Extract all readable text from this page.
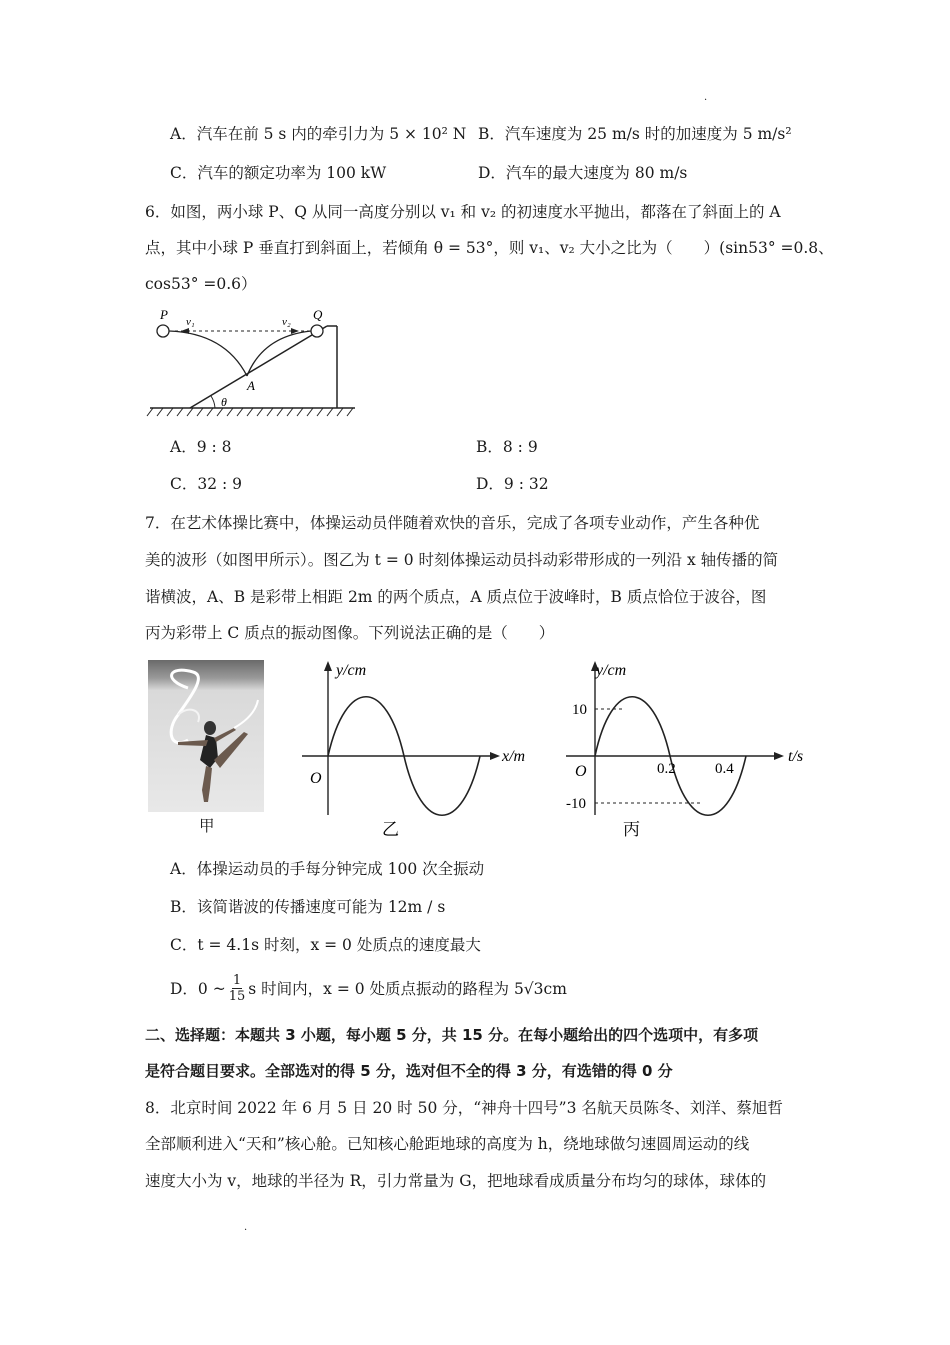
.
A．汽车在前 5 s 内的牵引力为 5 × 10² N B．汽车速度为 25 m/s 时的加速度为 5 m/s²
C．汽车的额定功率为 100 kW	D．汽车的最大速度为 80 m/s
6．如图，两小球 P、Q 从同一高度分别以 v₁ 和 v₂ 的初速度水平抛出，都落在了斜面上的 A
点，其中小球 P 垂直打到斜面上，若倾角 θ = 53°，则 v₁、v₂ 大小之比为（　　）(sin53° =0.8、
cos53° =0.6）
P	Q
v₁	v₂
A
θ
A．9 : 8	B．8 : 9
C．32 : 9	D．9 : 32
7．在艺术体操比赛中，体操运动员伴随着欢快的音乐，完成了各项专业动作，产生各种优
美的波形（如图甲所示）。图乙为 t = 0 时刻体操运动员抖动彩带形成的一列沿 x 轴传播的简
谐横波，A、B 是彩带上相距 2m 的两个质点，A 质点位于波峰时，B 质点恰位于波谷，图
丙为彩带上 C 质点的振动图像。下列说法正确的是（　　）
甲
y/cm
x/m
O
乙
y/cm
t/s
10
-10
O	0.2	0.4
丙
A．体操运动员的手每分钟完成 100 次全振动
B．该简谐波的传播速度可能为 12m / s
C．t = 4.1s 时刻，x = 0 处质点的速度最大
D．0 ~ $\frac{1}{15}$ s 时间内，x = 0 处质点振动的路程为 5√3cm
二、选择题：本题共 3 小题，每小题 5 分，共 15 分。在每小题给出的四个选项中，有多项
是符合题目要求。全部选对的得 5 分，选对但不全的得 3 分，有选错的得 0 分
8．北京时间 2022 年 6 月 5 日 20 时 50 分，“神舟十四号”3 名航天员陈冬、刘洋、蔡旭哲
全部顺利进入“天和”核心舱。已知核心舱距地球的高度为 h，绕地球做匀速圆周运动的线
速度大小为 v，地球的半径为 R，引力常量为 G，把地球看成质量分布均匀的球体，球体的
.
